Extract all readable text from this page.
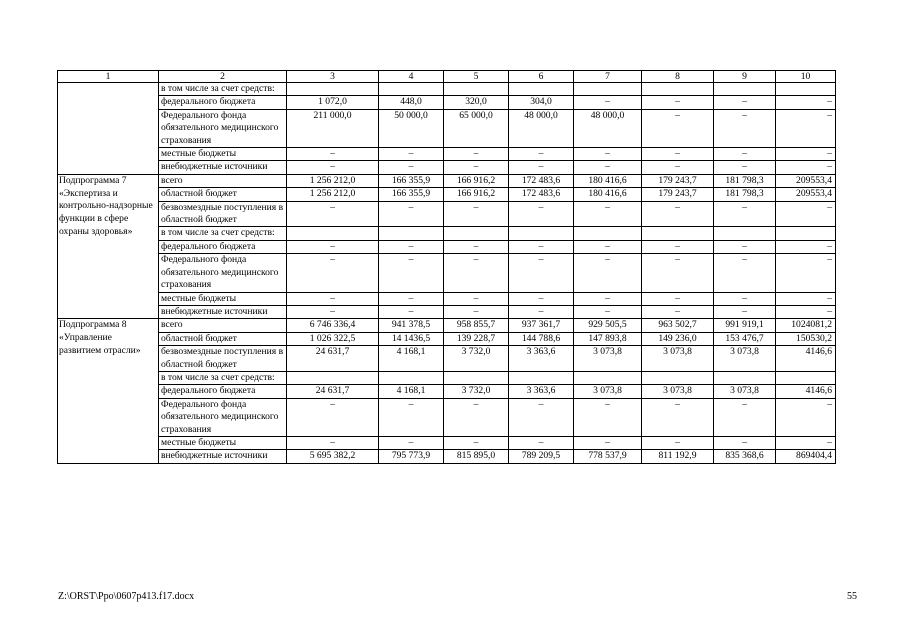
1	2	3	4	5	6	7	8	9	10
	в том числе за счет средств:								
	федерального бюджета	1 072,0	448,0	320,0	304,0	–	–	–	–
	Федерального фонда обязательного медицинского страхования	211 000,0	50 000,0	65 000,0	48 000,0	48 000,0	–	–	–
	местные бюджеты	–	–	–	–	–	–	–	–
	внебюджетные источники	–	–	–	–	–	–	–	–

Подпрограмма 7 «Экспертиза и контрольно-надзорные функции в сфере охраны здоровья»	всего	1 256 212,0	166 355,9	166 916,2	172 483,6	180 416,6	179 243,7	181 798,3	209553,4
	областной бюджет	1 256 212,0	166 355,9	166 916,2	172 483,6	180 416,6	179 243,7	181 798,3	209553,4
	безвозмездные поступления в областной бюджет	–	–	–	–	–	–	–	–
	в том числе за счет средств:								
	федерального бюджета	–	–	–	–	–	–	–	–
	Федерального фонда обязательного медицинского страхования	–	–	–	–	–	–	–	–
	местные бюджеты	–	–	–	–	–	–	–	–
	внебюджетные источники	–	–	–	–	–	–	–	–

Подпрограмма 8 «Управление развитием отрасли»	всего	6 746 336,4	941 378,5	958 855,7	937 361,7	929 505,5	963 502,7	991 919,1	1024081,2
	областной бюджет	1 026 322,5	14 1436,5	139 228,7	144 788,6	147 893,8	149 236,0	153 476,7	150530,2
	безвозмездные поступления в областной бюджет	24 631,7	4 168,1	3 732,0	3 363,6	3 073,8	3 073,8	3 073,8	4146,6
	в том числе за счет средств:								
	федерального бюджета	24 631,7	4 168,1	3 732,0	3 363,6	3 073,8	3 073,8	3 073,8	4146,6
	Федерального фонда обязательного медицинского страхования	–	–	–	–	–	–	–	–
	местные бюджеты	–	–	–	–	–	–	–	–
	внебюджетные источники	5 695 382,2	795 773,9	815 895,0	789 209,5	778 537,9	811 192,9	835 368,6	869404,4
Z:\ORST\Ppo\0607p413.f17.docx	55
